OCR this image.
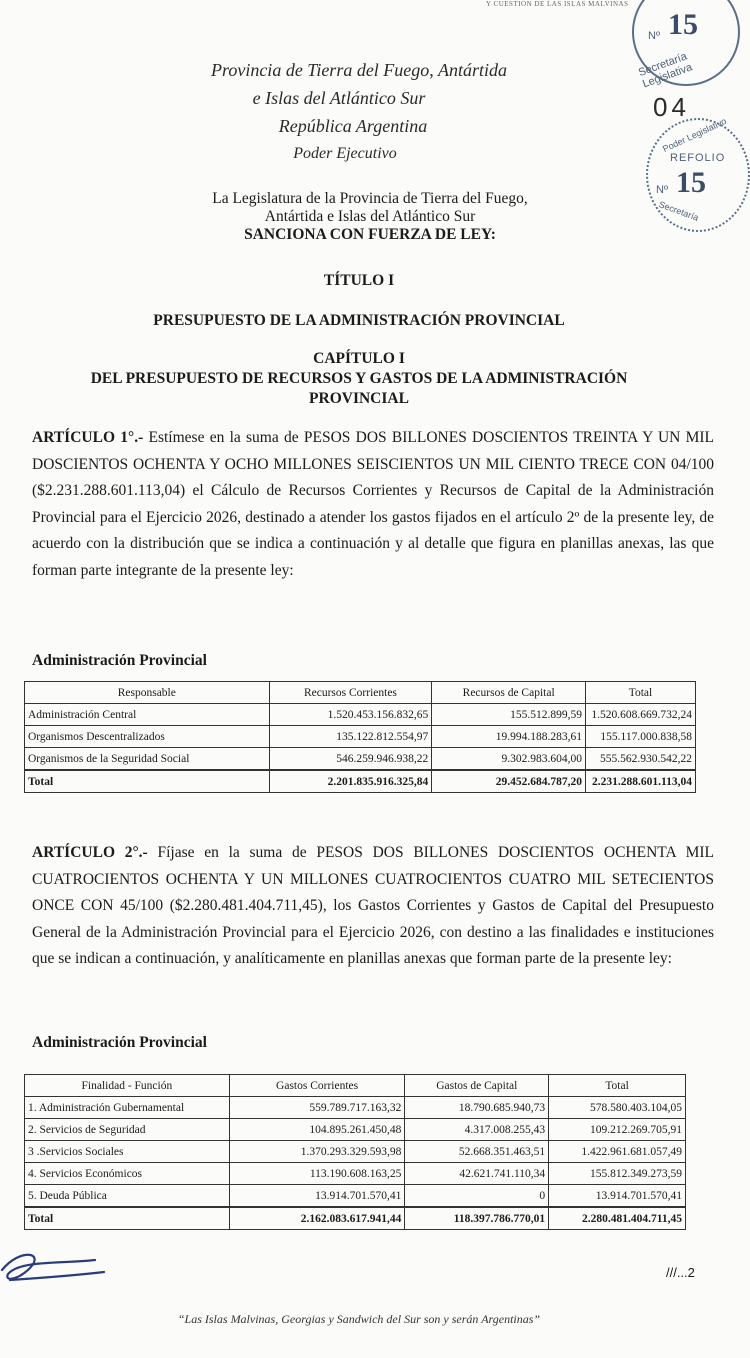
Y CUESTION DE LAS ISLAS MALVINAS
Nº 15
Secretaría Legislativa
Poder Legislativo
REFOLIO
Nº 15
Secretaría
04
Provincia de Tierra del Fuego, Antártida
e Islas del Atlántico Sur
República Argentina
Poder Ejecutivo
La Legislatura de la Provincia de Tierra del Fuego,
Antártida e Islas del Atlántico Sur
SANCIONA CON FUERZA DE LEY:
TÍTULO I
PRESUPUESTO DE LA ADMINISTRACIÓN PROVINCIAL
CAPÍTULO I
DEL PRESUPUESTO DE RECURSOS Y GASTOS DE LA ADMINISTRACIÓN
PROVINCIAL
ARTÍCULO 1°.- Estímese en la suma de PESOS DOS BILLONES DOSCIENTOS TREINTA Y UN MIL DOSCIENTOS OCHENTA Y OCHO MILLONES SEISCIENTOS UN MIL CIENTO TRECE CON 04/100 ($2.231.288.601.113,04) el Cálculo de Recursos Corrientes y Recursos de Capital de la Administración Provincial para el Ejercicio 2026, destinado a atender los gastos fijados en el artículo 2º de la presente ley, de acuerdo con la distribución que se indica a continuación y al detalle que figura en planillas anexas, las que forman parte integrante de la presente ley:
Administración Provincial
Responsable	Recursos Corrientes	Recursos de Capital	Total
Administración Central	1.520.453.156.832,65	155.512.899,59	1.520.608.669.732,24
Organismos Descentralizados	135.122.812.554,97	19.994.188.283,61	155.117.000.838,58
Organismos de la Seguridad Social	546.259.946.938,22	9.302.983.604,00	555.562.930.542,22
Total	2.201.835.916.325,84	29.452.684.787,20	2.231.288.601.113,04
ARTÍCULO 2°.- Fíjase en la suma de PESOS DOS BILLONES DOSCIENTOS OCHENTA MIL CUATROCIENTOS OCHENTA Y UN MILLONES CUATROCIENTOS CUATRO MIL SETECIENTOS ONCE CON 45/100 ($2.280.481.404.711,45), los Gastos Corrientes y Gastos de Capital del Presupuesto General de la Administración Provincial para el Ejercicio 2026, con destino a las finalidades e instituciones que se indican a continuación, y analíticamente en planillas anexas que forman parte de la presente ley:
Administración Provincial
Finalidad - Función	Gastos Corrientes	Gastos de Capital	Total
1. Administración Gubernamental	559.789.717.163,32	18.790.685.940,73	578.580.403.104,05
2. Servicios de Seguridad	104.895.261.450,48	4.317.008.255,43	109.212.269.705,91
3 .Servicios Sociales	1.370.293.329.593,98	52.668.351.463,51	1.422.961.681.057,49
4. Servicios Económicos	113.190.608.163,25	42.621.741.110,34	155.812.349.273,59
5. Deuda Pública	13.914.701.570,41	0	13.914.701.570,41
Total	2.162.083.617.941,44	118.397.786.770,01	2.280.481.404.711,45
///...2
“Las Islas Malvinas, Georgias y Sandwich del Sur son y serán Argentinas”
